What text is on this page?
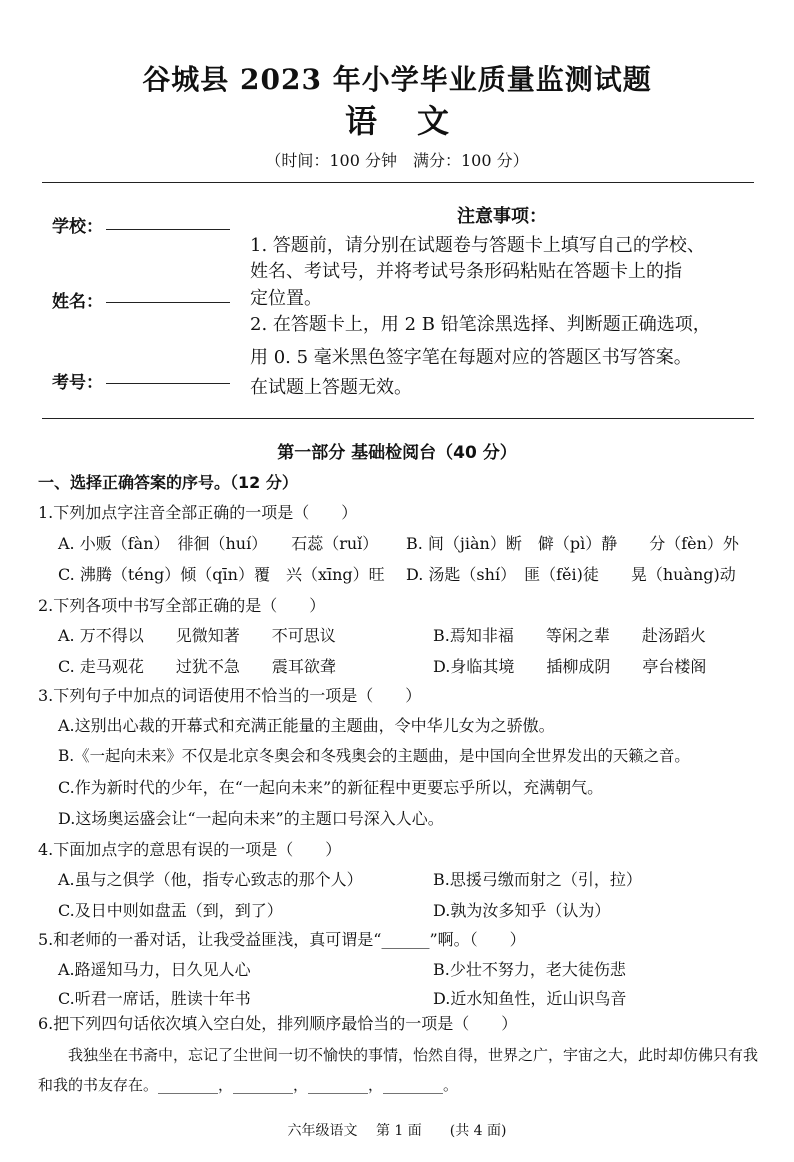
谷城县 2023 年小学毕业质量监测试题
语文
（时间：100 分钟　满分：100 分）
学校：
姓名：
考号：
注意事项：
1. 答题前，请分别在试题卷与答题卡上填写自己的学校、
姓名、考试号，并将考试号条形码粘贴在答题卡上的指
定位置。
2. 在答题卡上，用 2 B 铅笔涂黑选择、判断题正确选项，
用 0. 5 毫米黑色签字笔在每题对应的答题区书写答案。
在试题上答题无效。
第一部分 基础检阅台（40 分）
一、选择正确答案的序号。（12 分）
1.下列加点字注音全部正确的一项是（　　）
A. 小贩（fàn）　徘徊（huí）　　石蕊（ruǐ） B. 间（jiàn）断　僻（pì）静　　分（fèn）外
C. 沸腾（téng）倾（qīn）覆　兴（xīng）旺 D. 汤匙（shí）　匪（fěi)徒　　晃（huàng)动
2.下列各项中书写全部正确的是（　　）
A. 万不得以　　见微知著　　不可思议	B.焉知非福　　等闲之辈　　赴汤蹈火
C. 走马观花　　过犹不急　　震耳欲聋	D.身临其境　　插柳成阴　　亭台楼阁
3.下列句子中加点的词语使用不恰当的一项是（　　）
A.这别出心裁的开幕式和充满正能量的主题曲，令中华儿女为之骄傲。
B.《一起向未来》不仅是北京冬奥会和冬残奥会的主题曲，是中国向全世界发出的天籁之音。
C.作为新时代的少年，在“一起向未来”的新征程中更要忘乎所以，充满朝气。
D.这场奥运盛会让“一起向未来”的主题口号深入人心。
4.下面加点字的意思有误的一项是（　　）
A.虽与之俱学（他，指专心致志的那个人）	B.思援弓缴而射之（引，拉）
C.及日中则如盘盂（到，到了）	D.孰为汝多知乎（认为）
5.和老师的一番对话，让我受益匪浅，真可谓是“______”啊。（　　）
A.路遥知马力，日久见人心	B.少壮不努力，老大徒伤悲
C.听君一席话，胜读十年书	D.近水知鱼性，近山识鸟音
6.把下列四句话依次填入空白处，排列顺序最恰当的一项是（　　）
我独坐在书斋中，忘记了尘世间一切不愉快的事情，怡然自得，世界之广，宇宙之大，此时却仿佛只有我和我的书友存在。________，________，________，________。
六年级语文　 第 1 面　　(共 4 面)
